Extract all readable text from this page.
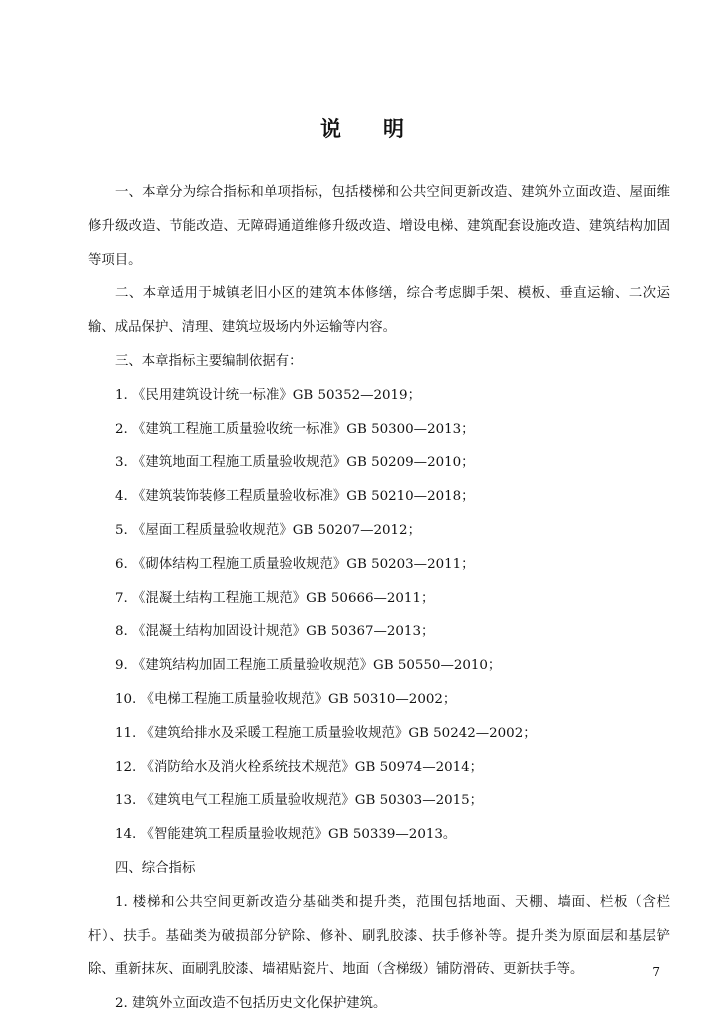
说 明

一、本章分为综合指标和单项指标，包括楼梯和公共空间更新改造、建筑外立面改造、屋面维修升级改造、节能改造、无障碍通道维修升级改造、增设电梯、建筑配套设施改造、建筑结构加固等项目。

二、本章适用于城镇老旧小区的建筑本体修缮，综合考虑脚手架、模板、垂直运输、二次运输、成品保护、清理、建筑垃圾场内外运输等内容。

三、本章指标主要编制依据有：

1. 《民用建筑设计统一标准》GB 50352—2019；

2. 《建筑工程施工质量验收统一标准》GB 50300—2013；

3. 《建筑地面工程施工质量验收规范》GB 50209—2010；

4. 《建筑装饰装修工程质量验收标准》GB 50210—2018；

5. 《屋面工程质量验收规范》GB 50207—2012；

6. 《砌体结构工程施工质量验收规范》GB 50203—2011；

7. 《混凝土结构工程施工规范》GB 50666—2011；

8. 《混凝土结构加固设计规范》GB 50367—2013；

9. 《建筑结构加固工程施工质量验收规范》GB 50550—2010；

10. 《电梯工程施工质量验收规范》GB 50310—2002；

11. 《建筑给排水及采暖工程施工质量验收规范》GB 50242—2002；

12. 《消防给水及消火栓系统技术规范》GB 50974—2014；

13. 《建筑电气工程施工质量验收规范》GB 50303—2015；

14. 《智能建筑工程质量验收规范》GB 50339—2013。

四、综合指标

1. 楼梯和公共空间更新改造分基础类和提升类，范围包括地面、天棚、墙面、栏板（含栏杆）、扶手。基础类为破损部分铲除、修补、刷乳胶漆、扶手修补等。提升类为原面层和基层铲除、重新抹灰、面刷乳胶漆、墙裙贴瓷片、地面（含梯级）铺防滑砖、更新扶手等。

2. 建筑外立面改造不包括历史文化保护建筑。

7
